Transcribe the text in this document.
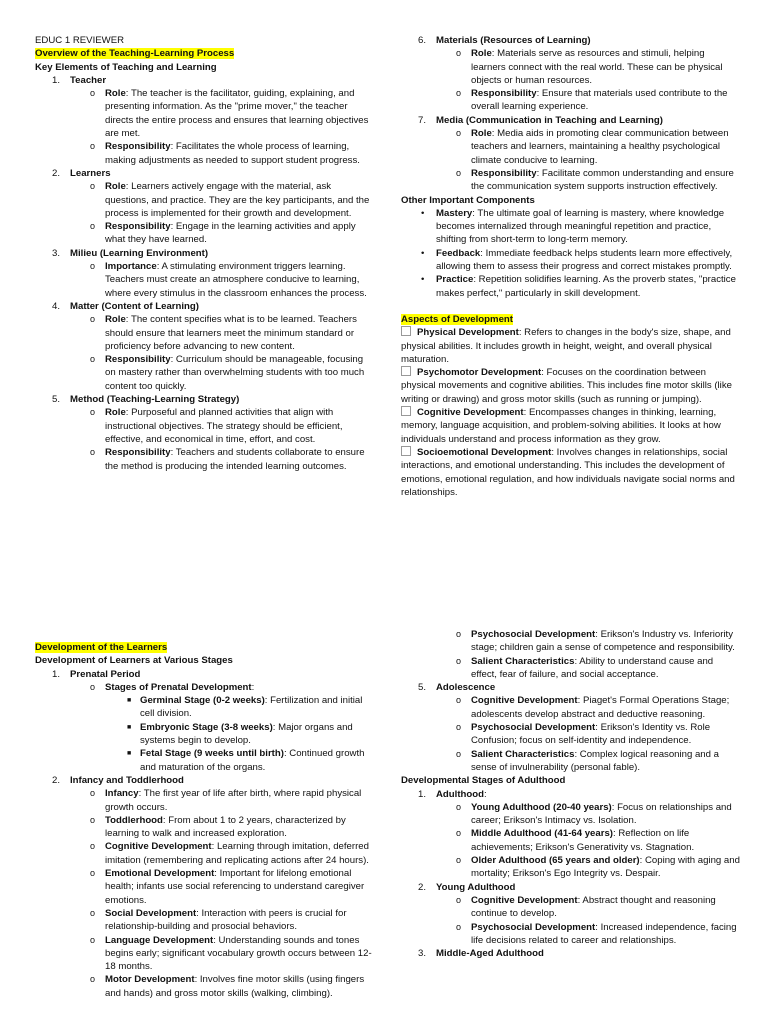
EDUC 1 REVIEWER

Overview of the Teaching-Learning Process

Key Elements of Teaching and Learning

1. Teacher
o Role: The teacher is the facilitator, guiding, explaining, and presenting information. As the "prime mover," the teacher directs the entire process and ensures that learning objectives are met.
o Responsibility: Facilitates the whole process of learning, making adjustments as needed to support student progress.
2. Learners
o Role: Learners actively engage with the material, ask questions, and practice. They are the key participants, and the process is implemented for their growth and development.
o Responsibility: Engage in the learning activities and apply what they have learned.
3. Milieu (Learning Environment)
o Importance: A stimulating environment triggers learning. Teachers must create an atmosphere conducive to learning, where every stimulus in the classroom enhances the process.
4. Matter (Content of Learning)
o Role: The content specifies what is to be learned. Teachers should ensure that learners meet the minimum standard or proficiency before advancing to new content.
o Responsibility: Curriculum should be manageable, focusing on mastery rather than overwhelming students with too much content too quickly.
5. Method (Teaching-Learning Strategy)
o Role: Purposeful and planned activities that align with instructional objectives. The strategy should be efficient, effective, and economical in time, effort, and cost.
o Responsibility: Teachers and students collaborate to ensure the method is producing the intended learning outcomes.
6. Materials (Resources of Learning)
o Role: Materials serve as resources and stimuli, helping learners connect with the real world. These can be physical objects or human resources.
o Responsibility: Ensure that materials used contribute to the overall learning experience.
7. Media (Communication in Teaching and Learning)
o Role: Media aids in promoting clear communication between teachers and learners, maintaining a healthy psychological climate conducive to learning.
o Responsibility: Facilitate common understanding and ensure the communication system supports instruction effectively.

Other Important Components

• Mastery: The ultimate goal of learning is mastery, where knowledge becomes internalized through meaningful repetition and practice, shifting from short-term to long-term memory.
• Feedback: Immediate feedback helps students learn more effectively, allowing them to assess their progress and correct mistakes promptly.
• Practice: Repetition solidifies learning. As the proverb states, "practice makes perfect," particularly in skill development.

Aspects of Development

Physical Development: Refers to changes in the body's size, shape, and physical abilities. It includes growth in height, weight, and overall physical maturation.
Psychomotor Development: Focuses on the coordination between physical movements and cognitive abilities. This includes fine motor skills (like writing or drawing) and gross motor skills (such as running or jumping).
Cognitive Development: Encompasses changes in thinking, learning, memory, language acquisition, and problem-solving abilities. It looks at how individuals understand and process information as they grow.
Socioemotional Development: Involves changes in relationships, social interactions, and emotional understanding. This includes the development of emotions, emotional regulation, and how individuals navigate social norms and relationships.

Development of the Learners

Development of Learners at Various Stages

1. Prenatal Period
o Stages of Prenatal Development:
■ Germinal Stage (0-2 weeks): Fertilization and initial cell division.
■ Embryonic Stage (3-8 weeks): Major organs and systems begin to develop.
■ Fetal Stage (9 weeks until birth): Continued growth and maturation of the organs.
2. Infancy and Toddlerhood
o Infancy: The first year of life after birth, where rapid physical growth occurs.
o Toddlerhood: From about 1 to 2 years, characterized by learning to walk and increased exploration.
o Cognitive Development: Learning through imitation, deferred imitation (remembering and replicating actions after 24 hours).
o Emotional Development: Important for lifelong emotional health; infants use social referencing to understand caregiver emotions.
o Social Development: Interaction with peers is crucial for relationship-building and prosocial behaviors.
o Language Development: Understanding sounds and tones begins early; significant vocabulary growth occurs between 12-18 months.
o Motor Development: Involves fine motor skills (using fingers and hands) and gross motor skills (walking, climbing).
o Psychosocial Development: Erikson's Industry vs. Inferiority stage; children gain a sense of competence and responsibility.
o Salient Characteristics: Ability to understand cause and effect, fear of failure, and social acceptance.
5. Adolescence
o Cognitive Development: Piaget's Formal Operations Stage; adolescents develop abstract and deductive reasoning.
o Psychosocial Development: Erikson's Identity vs. Role Confusion; focus on self-identity and independence.
o Salient Characteristics: Complex logical reasoning and a sense of invulnerability (personal fable).

Developmental Stages of Adulthood

1. Adulthood:
o Young Adulthood (20-40 years): Focus on relationships and career; Erikson's Intimacy vs. Isolation.
o Middle Adulthood (41-64 years): Reflection on life achievements; Erikson's Generativity vs. Stagnation.
o Older Adulthood (65 years and older): Coping with aging and mortality; Erikson's Ego Integrity vs. Despair.
2. Young Adulthood
o Cognitive Development: Abstract thought and reasoning continue to develop.
o Psychosocial Development: Increased independence, facing life decisions related to career and relationships.
3. Middle-Aged Adulthood
